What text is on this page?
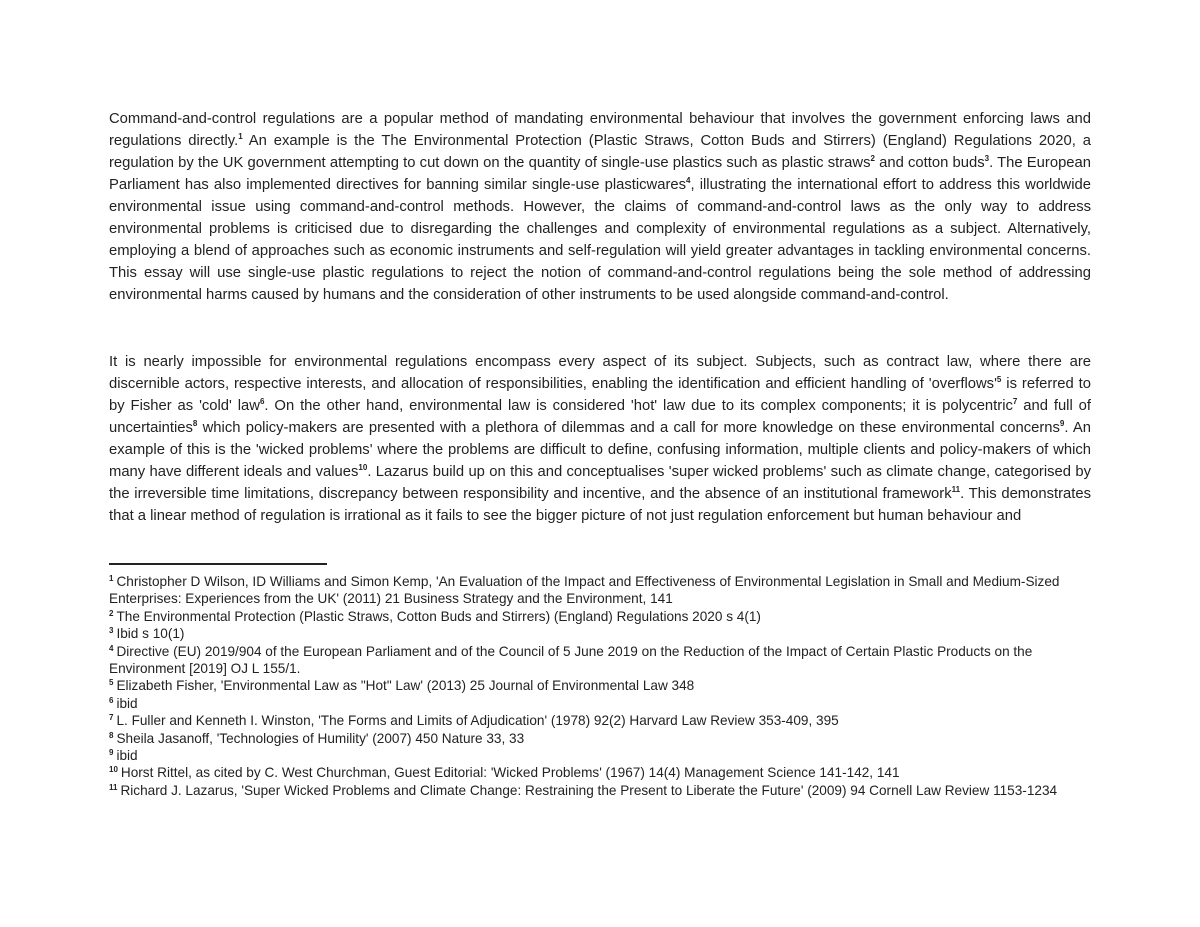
Command-and-control regulations are a popular method of mandating environmental behaviour that involves the government enforcing laws and regulations directly.$^1$ An example is the The Environmental Protection (Plastic Straws, Cotton Buds and Stirrers) (England) Regulations 2020, a regulation by the UK government attempting to cut down on the quantity of single-use plastics such as plastic straws$^2$ and cotton buds$^3$. The European Parliament has also implemented directives for banning similar single-use plasticwares$^4$, illustrating the international effort to address this worldwide environmental issue using command-and-control methods. However, the claims of command-and-control laws as the only way to address environmental problems is criticised due to disregarding the challenges and complexity of environmental regulations as a subject. Alternatively, employing a blend of approaches such as economic instruments and self-regulation will yield greater advantages in tackling environmental concerns. This essay will use single-use plastic regulations to reject the notion of command-and-control regulations being the sole method of addressing environmental harms caused by humans and the consideration of other instruments to be used alongside command-and-control.

It is nearly impossible for environmental regulations encompass every aspect of its subject. Subjects, such as contract law, where there are discernible actors, respective interests, and allocation of responsibilities, enabling the identification and efficient handling of '$overflows'^5$ is referred to by Fisher as 'cold' law$^6$. On the other hand, environmental law is considered 'hot' law due to its complex components; it is polycentric$^7$ and full of uncertainties$^8$ which policy-makers are presented with a plethora of dilemmas and a call for more knowledge on these environmental concerns$^9$. An example of this is the 'wicked problems' where the problems are difficult to define, confusing information, multiple clients and policy-makers of which many have different ideals and values$^{10}$. Lazarus build up on this and conceptualises 'super wicked problems' such as climate change, categorised by the irreversible time limitations, discrepancy between responsibility and incentive, and the absence of an institutional framework$^{11}$. This demonstrates that a linear method of regulation is irrational as it fails to see the bigger picture of not just regulation enforcement but human behaviour and

$^1$ Christopher D Wilson, ID Williams and Simon Kemp, 'An Evaluation of the Impact and Effectiveness of Environmental Legislation in Small and Medium-Sized Enterprises: Experiences from the UK' (2011) 21 Business Strategy and the Environment, 141

$^2$ The Environmental Protection (Plastic Straws, Cotton Buds and Stirrers) (England) Regulations 2020 s 4(1)

$^3$ Ibid s 10(1)

$^4$ Directive (EU) 2019/904 of the European Parliament and of the Council of 5 June 2019 on the Reduction of the Impact of Certain Plastic Products on the Environment [2019] OJ L 155/1.

$^5$ Elizabeth Fisher, 'Environmental Law as "Hot" Law' (2013) 25 Journal of Environmental Law 348

$^6$ ibid

$^7$ L. Fuller and Kenneth I. Winston, 'The Forms and Limits of Adjudication' (1978) 92(2) Harvard Law Review 353-409, 395

$^8$ Sheila Jasanoff, 'Technologies of Humility' (2007) 450 Nature 33, 33

$^9$ ibid

$^{10}$ Horst Rittel, as cited by C. West Churchman, Guest Editorial: 'Wicked Problems' (1967) 14(4) Management Science 141-142, 141

$^{11}$ Richard J. Lazarus, 'Super Wicked Problems and Climate Change: Restraining the Present to Liberate the Future' (2009) 94 Cornell Law Review 1153-1234
